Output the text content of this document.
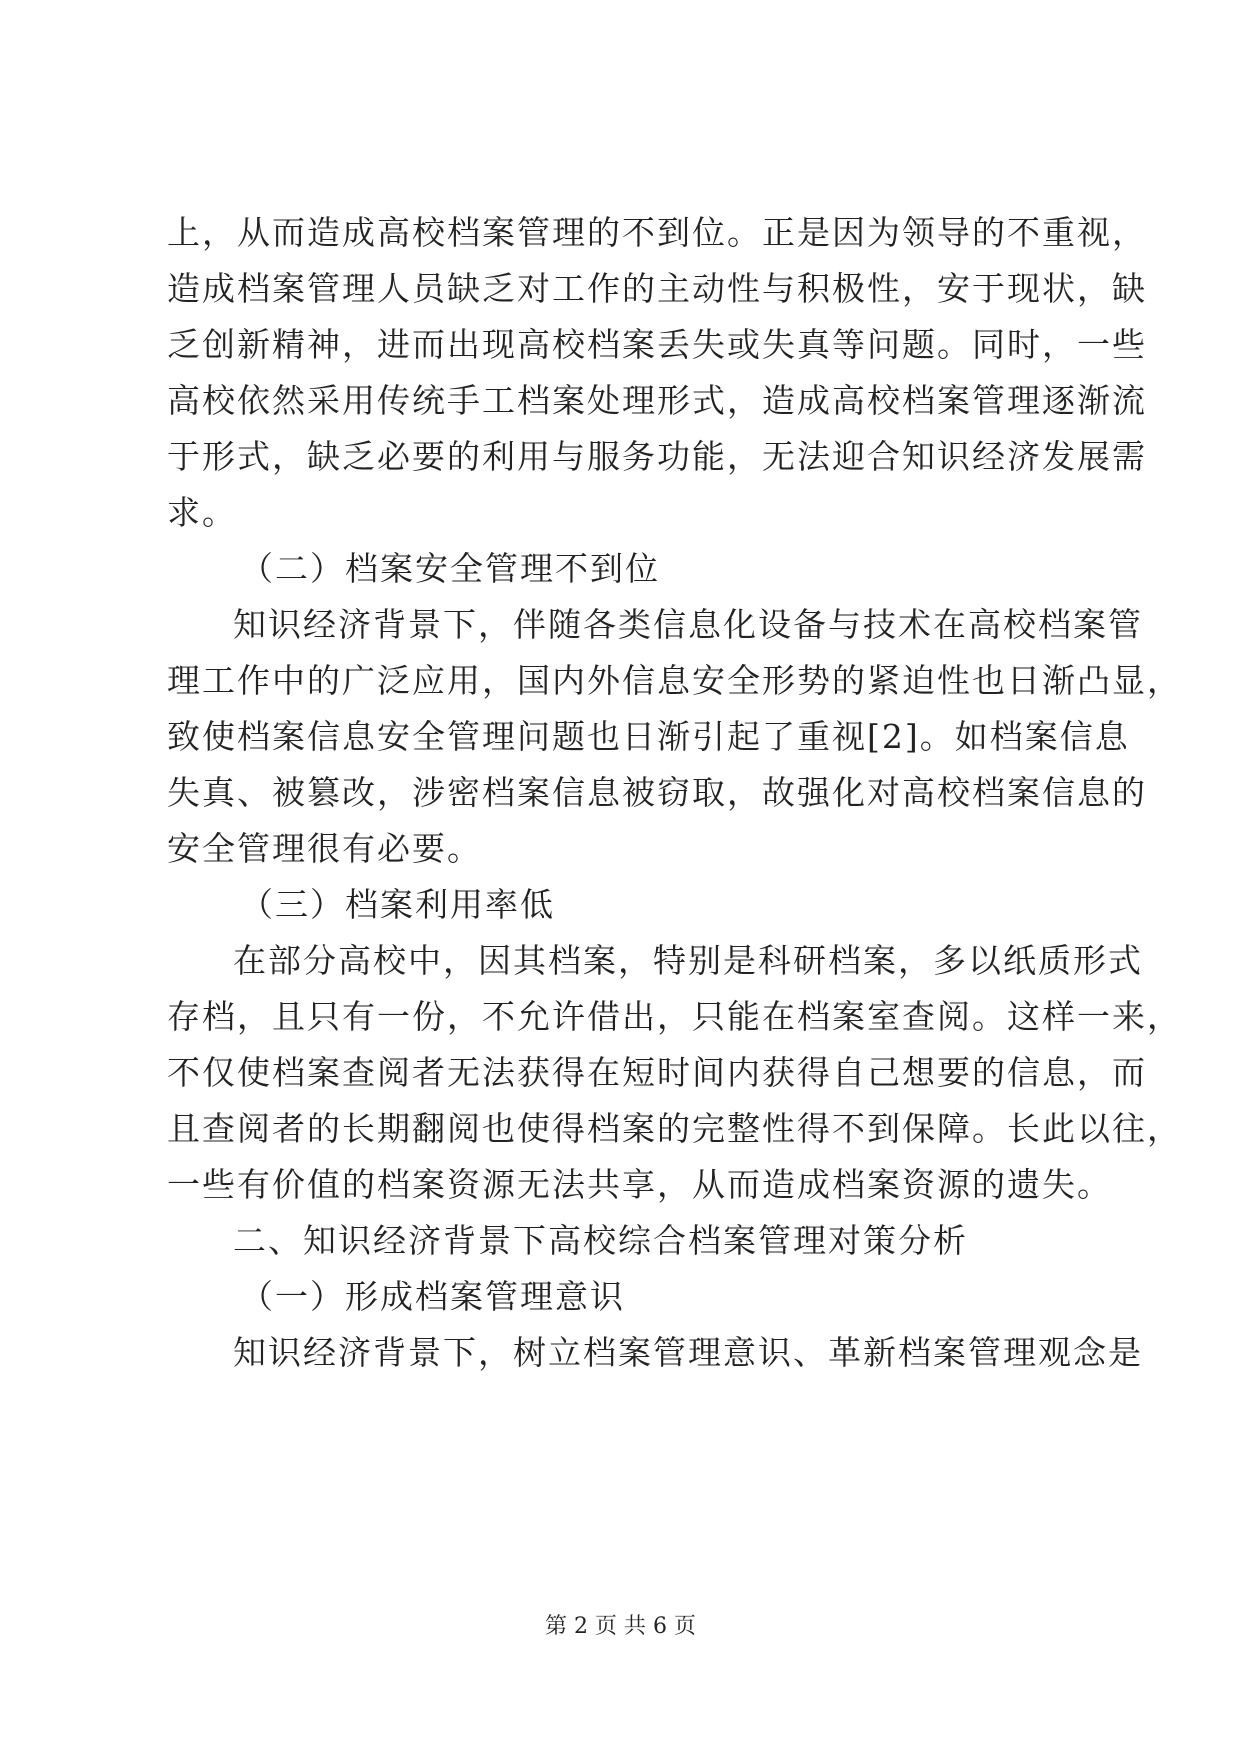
上，从而造成高校档案管理的不到位。正是因为领导的不重视，
造成档案管理人员缺乏对工作的主动性与积极性，安于现状，缺
乏创新精神，进而出现高校档案丢失或失真等问题。同时，一些
高校依然采用传统手工档案处理形式，造成高校档案管理逐渐流
于形式，缺乏必要的利用与服务功能，无法迎合知识经济发展需
求。
（二）档案安全管理不到位
知识经济背景下，伴随各类信息化设备与技术在高校档案管
理工作中的广泛应用，国内外信息安全形势的紧迫性也日渐凸显，
致使档案信息安全管理问题也日渐引起了重视[2]。如档案信息
失真、被篡改，涉密档案信息被窃取，故强化对高校档案信息的
安全管理很有必要。
（三）档案利用率低
在部分高校中，因其档案，特别是科研档案，多以纸质形式
存档，且只有一份，不允许借出，只能在档案室查阅。这样一来，
不仅使档案查阅者无法获得在短时间内获得自己想要的信息，而
且查阅者的长期翻阅也使得档案的完整性得不到保障。长此以往，
一些有价值的档案资源无法共享，从而造成档案资源的遗失。
二、知识经济背景下高校综合档案管理对策分析
（一）形成档案管理意识
知识经济背景下，树立档案管理意识、革新档案管理观念是
第 2 页 共 6 页
